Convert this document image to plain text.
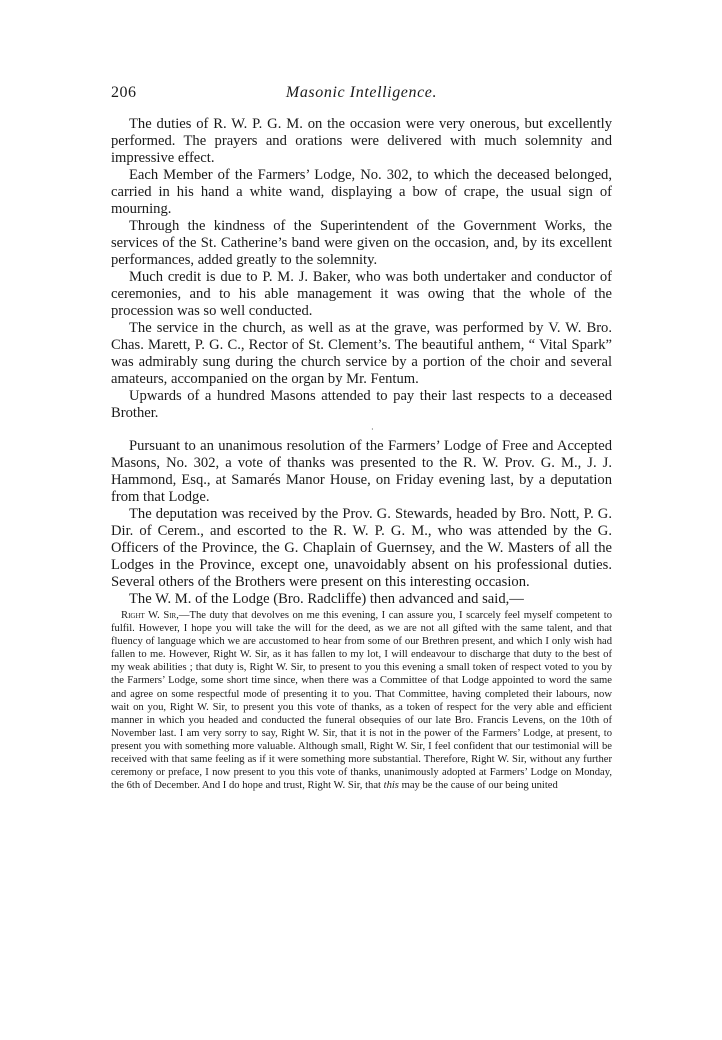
206	Masonic Intelligence.

The duties of R. W. P. G. M. on the occasion were very onerous, but excellently performed. The prayers and orations were delivered with much solemnity and impressive effect.

Each Member of the Farmers’ Lodge, No. 302, to which the deceased belonged, carried in his hand a white wand, displaying a bow of crape, the usual sign of mourning.

Through the kindness of the Superintendent of the Government Works, the services of the St. Catherine’s band were given on the occasion, and, by its excellent performances, added greatly to the solemnity.

Much credit is due to P. M. J. Baker, who was both undertaker and conductor of ceremonies, and to his able management it was owing that the whole of the procession was so well conducted.

The service in the church, as well as at the grave, was performed by V. W. Bro. Chas. Marett, P. G. C., Rector of St. Clement’s. The beautiful anthem, “ Vital Spark” was admirably sung during the church service by a portion of the choir and several amateurs, accompanied on the organ by Mr. Fentum.

Upwards of a hundred Masons attended to pay their last respects to a deceased Brother.

·

Pursuant to an unanimous resolution of the Farmers’ Lodge of Free and Accepted Masons, No. 302, a vote of thanks was presented to the R. W. Prov. G. M., J. J. Hammond, Esq., at Samarés Manor House, on Friday evening last, by a deputation from that Lodge.

The deputation was received by the Prov. G. Stewards, headed by Bro. Nott, P. G. Dir. of Cerem., and escorted to the R. W. P. G. M., who was attended by the G. Officers of the Province, the G. Chaplain of Guernsey, and the W. Masters of all the Lodges in the Province, except one, unavoidably absent on his professional duties. Several others of the Brothers were present on this interesting occasion.

The W. M. of the Lodge (Bro. Radcliffe) then advanced and said,—

Right W. Sir,—The duty that devolves on me this evening, I can assure you, I scarcely feel myself competent to fulfil. However, I hope you will take the will for the deed, as we are not all gifted with the same talent, and that fluency of language which we are accustomed to hear from some of our Brethren present, and which I only wish had fallen to me. However, Right W. Sir, as it has fallen to my lot, I will endeavour to discharge that duty to the best of my weak abilities ; that duty is, Right W. Sir, to present to you this evening a small token of respect voted to you by the Farmers’ Lodge, some short time since, when there was a Committee of that Lodge appointed to word the same and agree on some respectful mode of presenting it to you. That Committee, having completed their labours, now wait on you, Right W. Sir, to present you this vote of thanks, as a token of respect for the very able and efficient manner in which you headed and conducted the funeral obsequies of our late Bro. Francis Levens, on the 10th of November last. I am very sorry to say, Right W. Sir, that it is not in the power of the Farmers’ Lodge, at present, to present you with something more valuable. Although small, Right W. Sir, I feel confident that our testimonial will be received with that same feeling as if it were something more substantial. Therefore, Right W. Sir, without any further ceremony or preface, I now present to you this vote of thanks, unanimously adopted at Farmers’ Lodge on Monday, the 6th of December. And I do hope and trust, Right W. Sir, that this may be the cause of our being united
